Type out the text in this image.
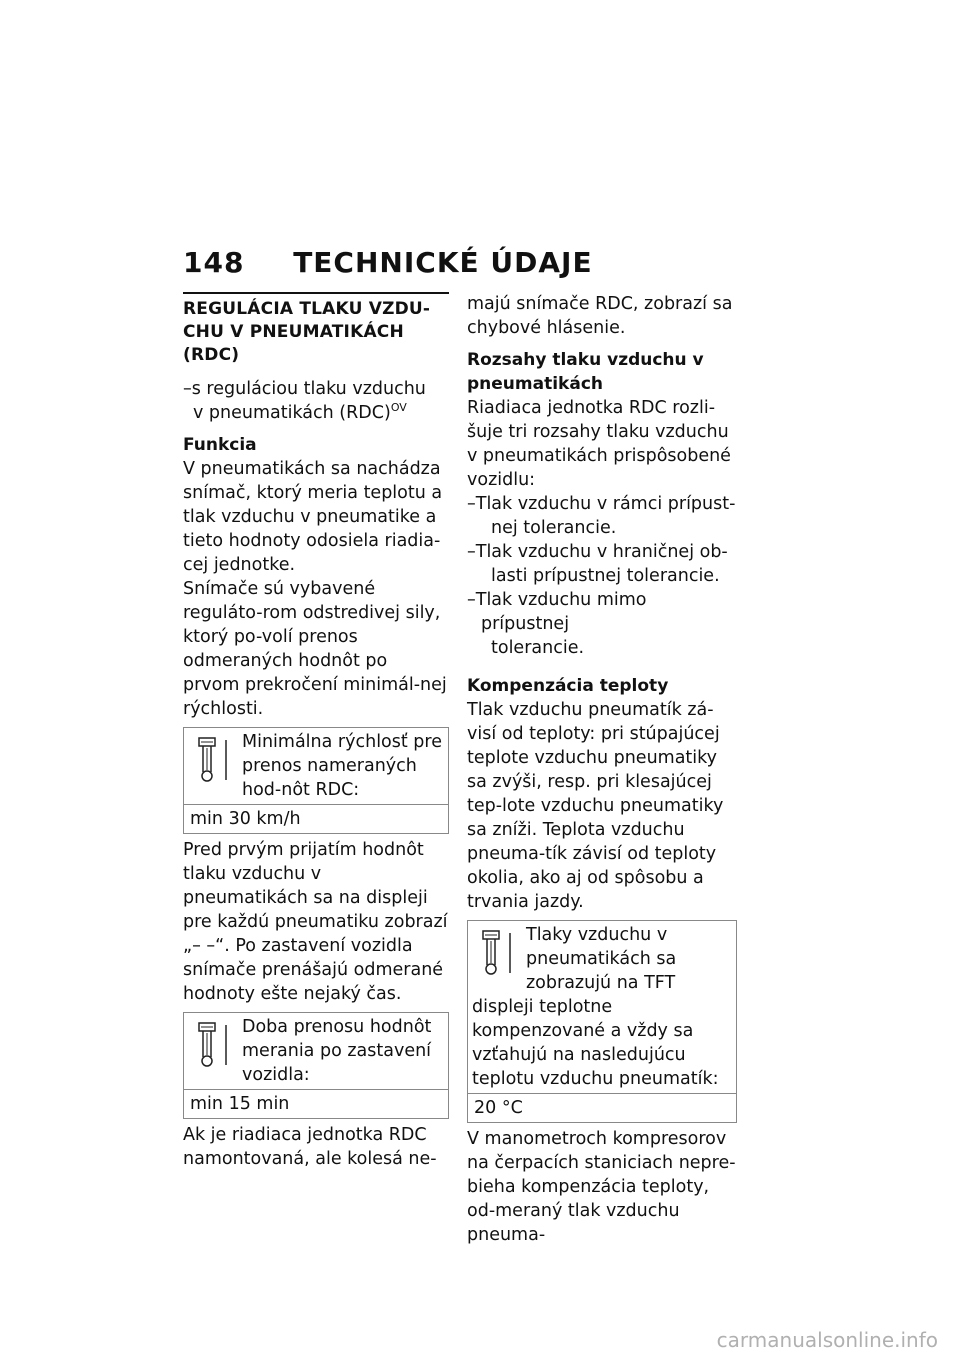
148 TECHNICKÉ ÚDAJE
REGULÁCIA TLAKU VZDU-CHU V PNEUMATIKÁCH (RDC)

–s reguláciou tlaku vzduchu
v pneumatikách (RDC)$^{OV}$

Funkcia

V pneumatikách sa nachádza snímač, ktorý meria teplotu a tlak vzduchu v pneumatike a tieto hodnoty odosiela riadia-cej jednotke.

Snímače sú vybavené reguláto-rom odstredivej sily, ktorý po-volí prenos odmeraných hodnôt po prvom prekročení minimál-nej rýchlosti.

Minimálna rýchlosť pre prenos nameraných hod-nôt RDC:
min 30 km/h

Pred prvým prijatím hodnôt tlaku vzduchu v pneumatikách sa na displeji pre každú pneumatiku zobrazí „– –“. Po zastavení vozidla snímače prenášajú odmerané hodnoty ešte nejaký čas.

Doba prenosu hodnôt merania po zastavení vozidla:
min 15 min

Ak je riadiaca jednotka RDC namontovaná, ale kolesá ne-

majú snímače RDC, zobrazí sa chybové hlásenie.

Rozsahy tlaku vzduchu v pneumatikách

Riadiaca jednotka RDC rozli-šuje tri rozsahy tlaku vzduchu v pneumatikách prispôsobené vozidlu:

–Tlak vzduchu v rámci prípust-
nej tolerancie.

–Tlak vzduchu v hraničnej ob-
lasti prípustnej tolerancie.

–Tlak vzduchu mimo prípustnej
tolerancie.

Kompenzácia teploty

Tlak vzduchu pneumatík zá-visí od teploty: pri stúpajúcej teplote vzduchu pneumatiky sa zvýši, resp. pri klesajúcej tep-lote vzduchu pneumatiky sa zníži. Teplota vzduchu pneuma-tík závisí od teploty okolia, ako aj od spôsobu a trvania jazdy.

Tlaky vzduchu v pneumatikách sa zobrazujú na TFT displeji teplotne kompenzované a vždy sa vzťahujú na nasledujúcu teplotu vzduchu pneumatík:
20 °C

V manometroch kompresorov na čerpacích staniciach nepre-bieha kompenzácia teploty, od-meraný tlak vzduchu pneuma-

carmanualsonline.info
